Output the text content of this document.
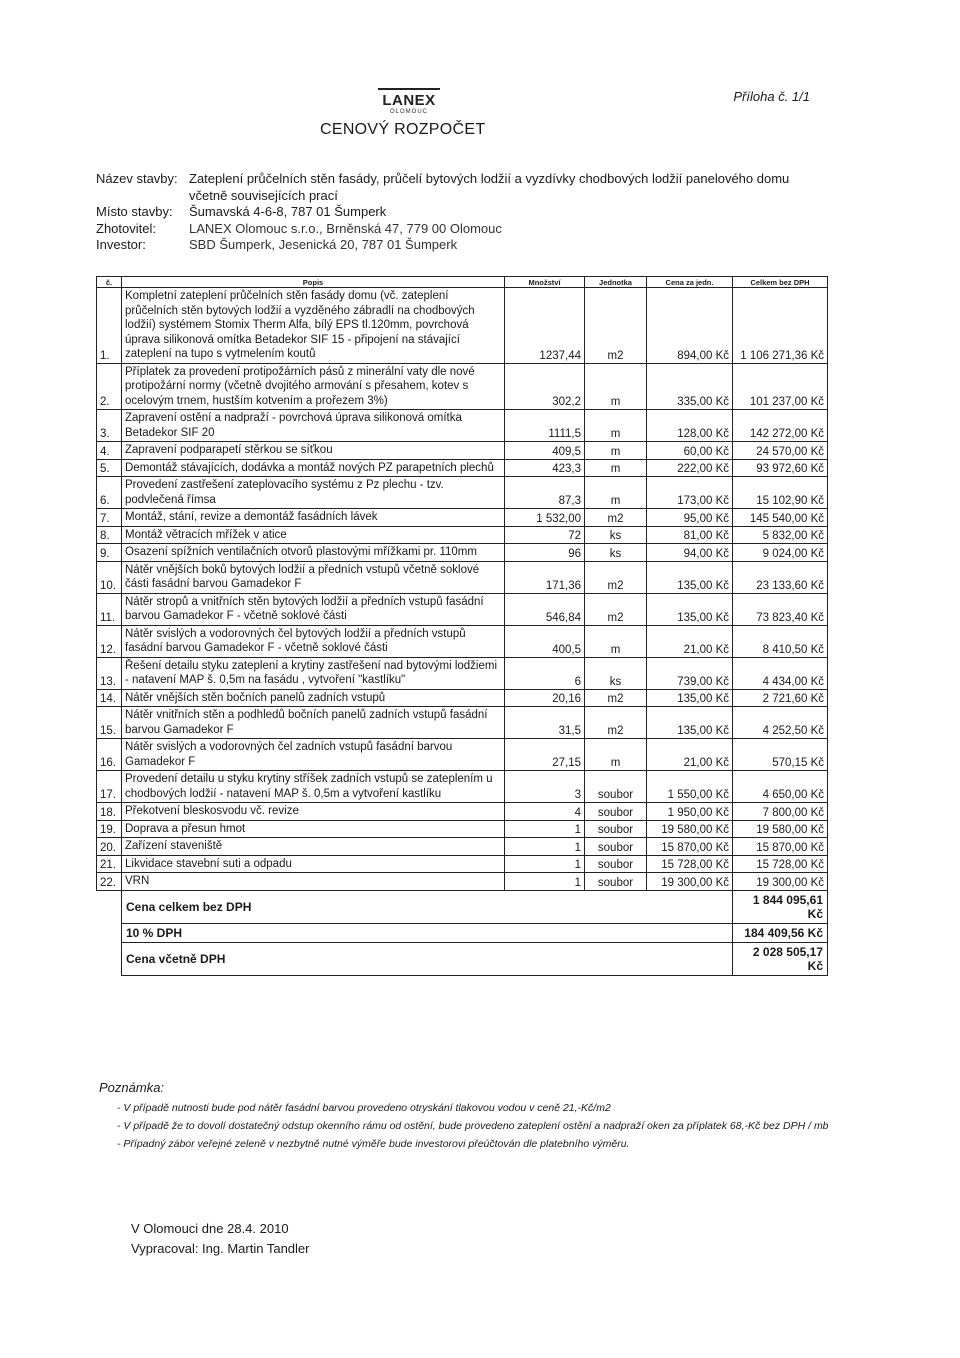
LANEX
OLOMOUC
Příloha č. 1/1
CENOVÝ ROZPOČET
Název stavby: Zateplení průčelních stěn fasády, průčelí bytových lodžií a vyzdívky chodbových lodžií panelového domu
včetně souvisejících prací
Místo stavby:	Šumavská 4-6-8, 787 01 Šumperk
Zhotovitel:	LANEX Olomouc s.r.o., Brněnská 47, 779 00 Olomouc
Investor:	SBD Šumperk, Jesenická 20, 787 01 Šumperk
č.	Popis	Množství	Jednotka	Cena za jedn.	Celkem bez DPH
1.	Kompletní zateplení průčelních stěn fasády domu (vč. zateplení průčelních stěn bytových lodžií a vyzděného zábradlí na chodbových lodžií) systémem Stomix Therm Alfa, bílý EPS tl.120mm, povrchová úprava silikonová omítka Betadekor SIF 15 - připojení na stávající zateplení na tupo s vytmelením koutů	1237,44	m2	894,00 Kč	1 106 271,36 Kč
2.	Příplatek za provedení protipožárních pásů z minerální vaty dle nové protipožární normy (včetně dvojitého armování s přesahem, kotev s ocelovým trnem, hustším kotvením a prořezem 3%)	302,2	m	335,00 Kč	101 237,00 Kč
3.	Zapravení ostění a nadpraží - povrchová úprava silikonová omítka Betadekor SIF 20	1111,5	m	128,00 Kč	142 272,00 Kč
4.	Zapravení podparapetí stěrkou se síťkou	409,5	m	60,00 Kč	24 570,00 Kč
5.	Demontáž stávajících, dodávka a montáž nových PZ parapetních plechů	423,3	m	222,00 Kč	93 972,60 Kč
6.	Provedení zastřešení zateplovacího systému z Pz plechu - tzv. podvlečená římsa	87,3	m	173,00 Kč	15 102,90 Kč
7.	Montáž, stání, revize a demontáž fasádních lávek	1 532,00	m2	95,00 Kč	145 540,00 Kč
8.	Montáž větracích mřížek v atice	72	ks	81,00 Kč	5 832,00 Kč
9.	Osazení spížních ventilačních otvorů plastovými mřížkami pr. 110mm	96	ks	94,00 Kč	9 024,00 Kč
10.	Nátěr vnějších boků bytových lodžií a předních vstupů včetně soklové části fasádní barvou Gamadekor F	171,36	m2	135,00 Kč	23 133,60 Kč
11.	Nátěr stropů a vnitřních stěn bytových lodžií a předních vstupů fasádní barvou Gamadekor F - včetně soklové části	546,84	m2	135,00 Kč	73 823,40 Kč
12.	Nátěr svislých a vodorovných čel bytových lodžií a předních vstupů fasádní barvou Gamadekor F - včetně soklové části	400,5	m	21,00 Kč	8 410,50 Kč
13.	Řešení detailu styku zateplení a krytiny zastřešení nad bytovými lodžiemi - natavení MAP š. 0,5m na fasádu , vytvoření "kastlíku"	6	ks	739,00 Kč	4 434,00 Kč
14.	Nátěr vnějších stěn bočních panelů zadních vstupů	20,16	m2	135,00 Kč	2 721,60 Kč
15.	Nátěr vnitřních stěn a podhledů bočních panelů zadních vstupů fasádní barvou Gamadekor F	31,5	m2	135,00 Kč	4 252,50 Kč
16.	Nátěr svislých a vodorovných čel zadních vstupů fasádní barvou Gamadekor F	27,15	m	21,00 Kč	570,15 Kč
17.	Provedení detailu u styku krytiny stříšek zadních vstupů se zateplením u chodbových lodžií - natavení MAP š. 0,5m a vytvoření kastlíku	3	soubor	1 550,00 Kč	4 650,00 Kč
18.	Překotvení bleskosvodu vč. revize	4	soubor	1 950,00 Kč	7 800,00 Kč
19.	Doprava a přesun hmot	1	soubor	19 580,00 Kč	19 580,00 Kč
20.	Zařízení staveniště	1	soubor	15 870,00 Kč	15 870,00 Kč
21.	Likvidace stavební suti a odpadu	1	soubor	15 728,00 Kč	15 728,00 Kč
22.	VRN	1	soubor	19 300,00 Kč	19 300,00 Kč
	Cena celkem bez DPH				1 844 095,61 Kč
	10 % DPH				184 409,56 Kč
	Cena včetně DPH				2 028 505,17 Kč
Poznámka:
- V případě nutnosti bude pod nátěr fasádní barvou provedeno otryskání tlakovou vodou v ceně 21,-Kč/m2
- V případě že to dovolí dostatečný odstup okenního rámu od ostění, bude provedeno zateplení ostění a nadpraží oken za příplatek 68,-Kč bez DPH / mb
- Případný zábor veřejné zeleně v nezbytně nutné výměře bude investorovi přeúčtován dle platebního výměru.
V Olomouci dne 28.4. 2010
Vypracoval: Ing. Martin Tandler
